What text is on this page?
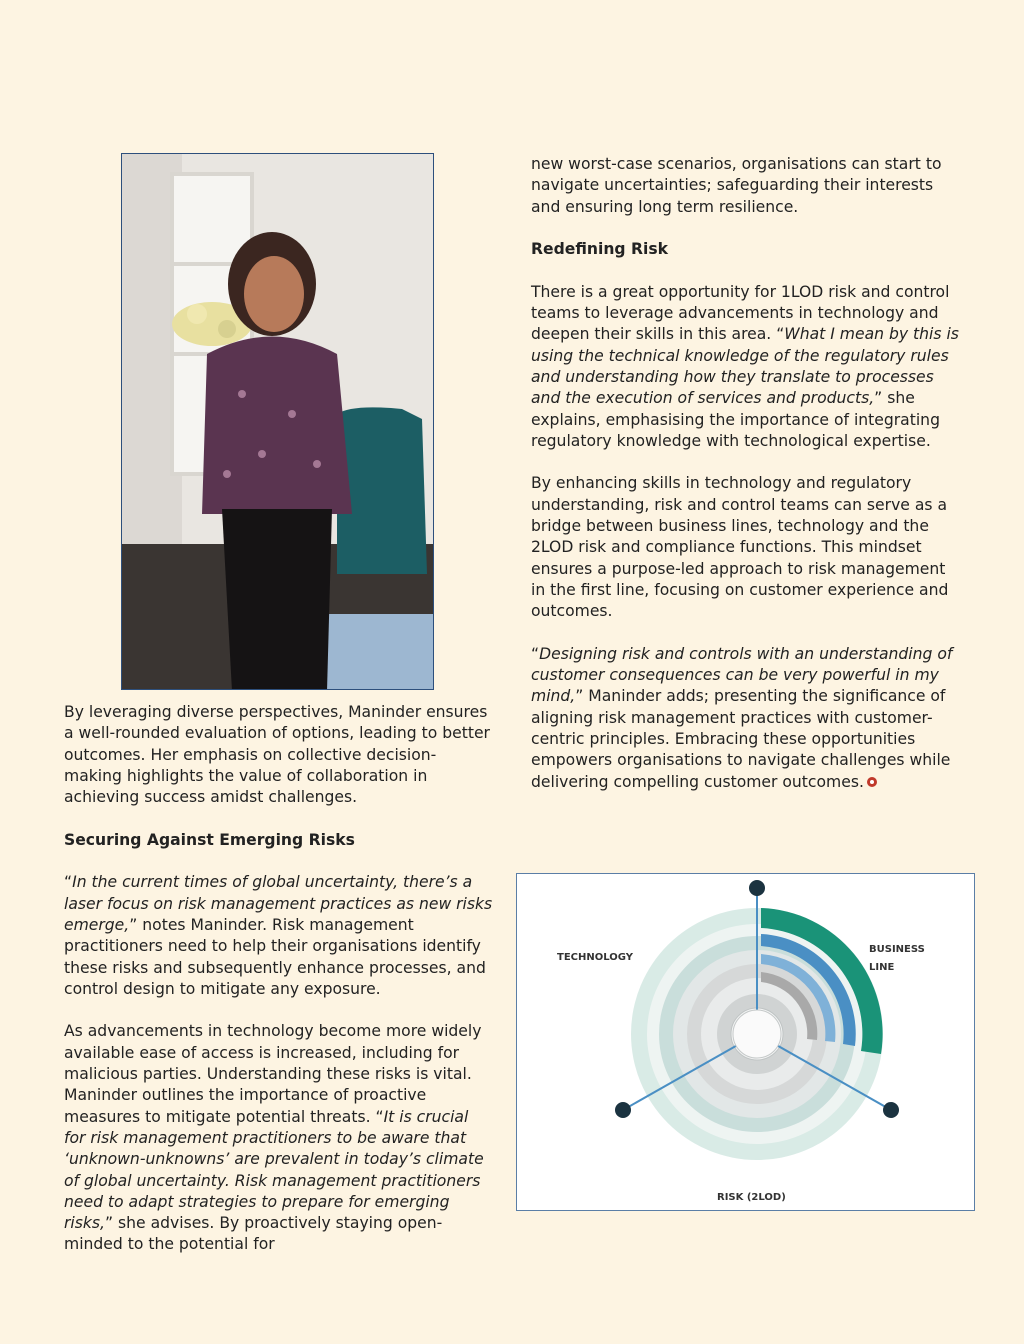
By leveraging diverse perspectives, Maninder ensures a well-rounded evaluation of options, leading to better outcomes. Her emphasis on collective decision-making highlights the value of collaboration in achieving success amidst challenges.

Securing Against Emerging Risks

“In the current times of global uncertainty, there’s a laser focus on risk management practices as new risks emerge,” notes Maninder. Risk management practitioners need to help their organisations identify these risks and subsequently enhance processes, and control design to mitigate any exposure.

As advancements in technology become more widely available ease of access is increased, including for malicious parties. Understanding these risks is vital. Maninder outlines the importance of proactive measures to mitigate potential threats. “It is crucial for risk management practitioners to be aware that ‘unknown-unknowns’ are prevalent in today’s climate of global uncertainty. Risk management practitioners need to adapt strategies to prepare for emerging risks,” she advises. By proactively staying open-minded to the potential for

new worst-case scenarios, organisations can start to navigate uncertainties; safeguarding their interests and ensuring long term resilience.

Redefining Risk

There is a great opportunity for 1LOD risk and control teams to leverage advancements in technology and deepen their skills in this area. “What I mean by this is using the technical knowledge of the regulatory rules and understanding how they translate to processes and the execution of services and products,” she explains, emphasising the importance of integrating regulatory knowledge with technological expertise.

By enhancing skills in technology and regulatory understanding, risk and control teams can serve as a bridge between business lines, technology and the 2LOD risk and compliance functions. This mindset ensures a purpose-led approach to risk management in the first line, focusing on customer experience and outcomes.

“Designing risk and controls with an understanding of customer consequences can be very powerful in my mind,” Maninder adds; presenting the significance of aligning risk management practices with customer-centric principles. Embracing these opportunities empowers organisations to navigate challenges while delivering compelling customer outcomes.

TECHNOLOGY
BUSINESS LINE
RISK (2LOD)
